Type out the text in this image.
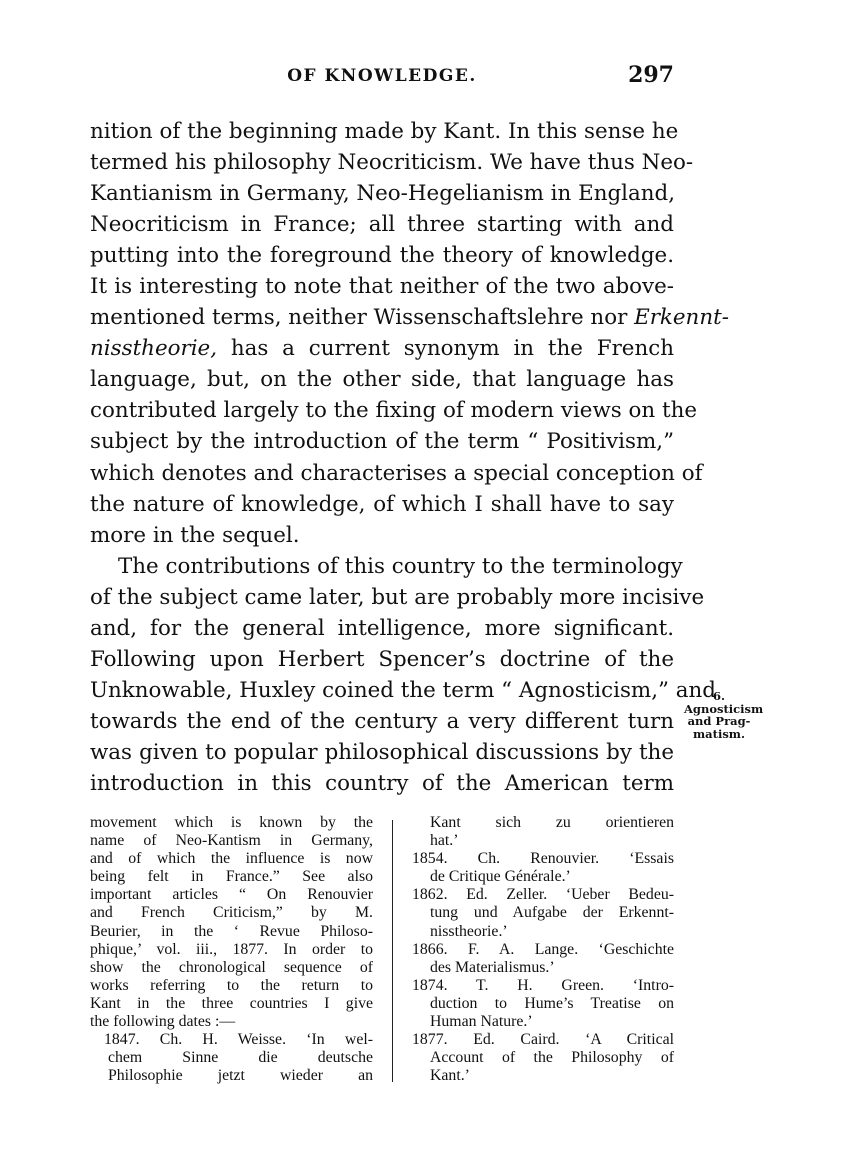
OF KNOWLEDGE.	297
nition of the beginning made by Kant. In this sense he
termed his philosophy Neocriticism. We have thus Neo-
Kantianism in Germany, Neo-Hegelianism in England,
Neocriticism in France; all three starting with and
putting into the foreground the theory of knowledge.
It is interesting to note that neither of the two above-
mentioned terms, neither Wissenschaftslehre nor Erkennt-
nisstheorie, has a current synonym in the French
language, but, on the other side, that language has
contributed largely to the fixing of modern views on the
subject by the introduction of the term “ Positivism,”
which denotes and characterises a special conception of
the nature of knowledge, of which I shall have to say
more in the sequel.
The contributions of this country to the terminology
of the subject came later, but are probably more incisive
and, for the general intelligence, more significant.
Following upon Herbert Spencer’s doctrine of the
Unknowable, Huxley coined the term “ Agnosticism,” and
towards the end of the century a very different turn
was given to popular philosophical discussions by the
introduction in this country of the American term
6.
Agnosticism
and Prag-
matism.
movement which is known by the
name of Neo-Kantism in Germany,
and of which the influence is now
being felt in France.” See also
important articles “ On Renouvier
and French Criticism,” by M.
Beurier, in the ‘ Revue Philoso-
phique,’ vol. iii., 1877. In order to
show the chronological sequence of
works referring to the return to
Kant in the three countries I give
the following dates :—
1847. Ch. H. Weisse. ‘In wel-
chem Sinne die deutsche
Philosophie jetzt wieder an
Kant sich zu orientieren
hat.’
1854. Ch. Renouvier. ‘Essais
de Critique Générale.’
1862. Ed. Zeller. ‘Ueber Bedeu-
tung und Aufgabe der Erkennt-
nisstheorie.’
1866. F. A. Lange. ‘Geschichte
des Materialismus.’
1874. T. H. Green. ‘Intro-
duction to Hume’s Treatise on
Human Nature.’
1877. Ed. Caird. ‘A Critical
Account of the Philosophy of
Kant.’
